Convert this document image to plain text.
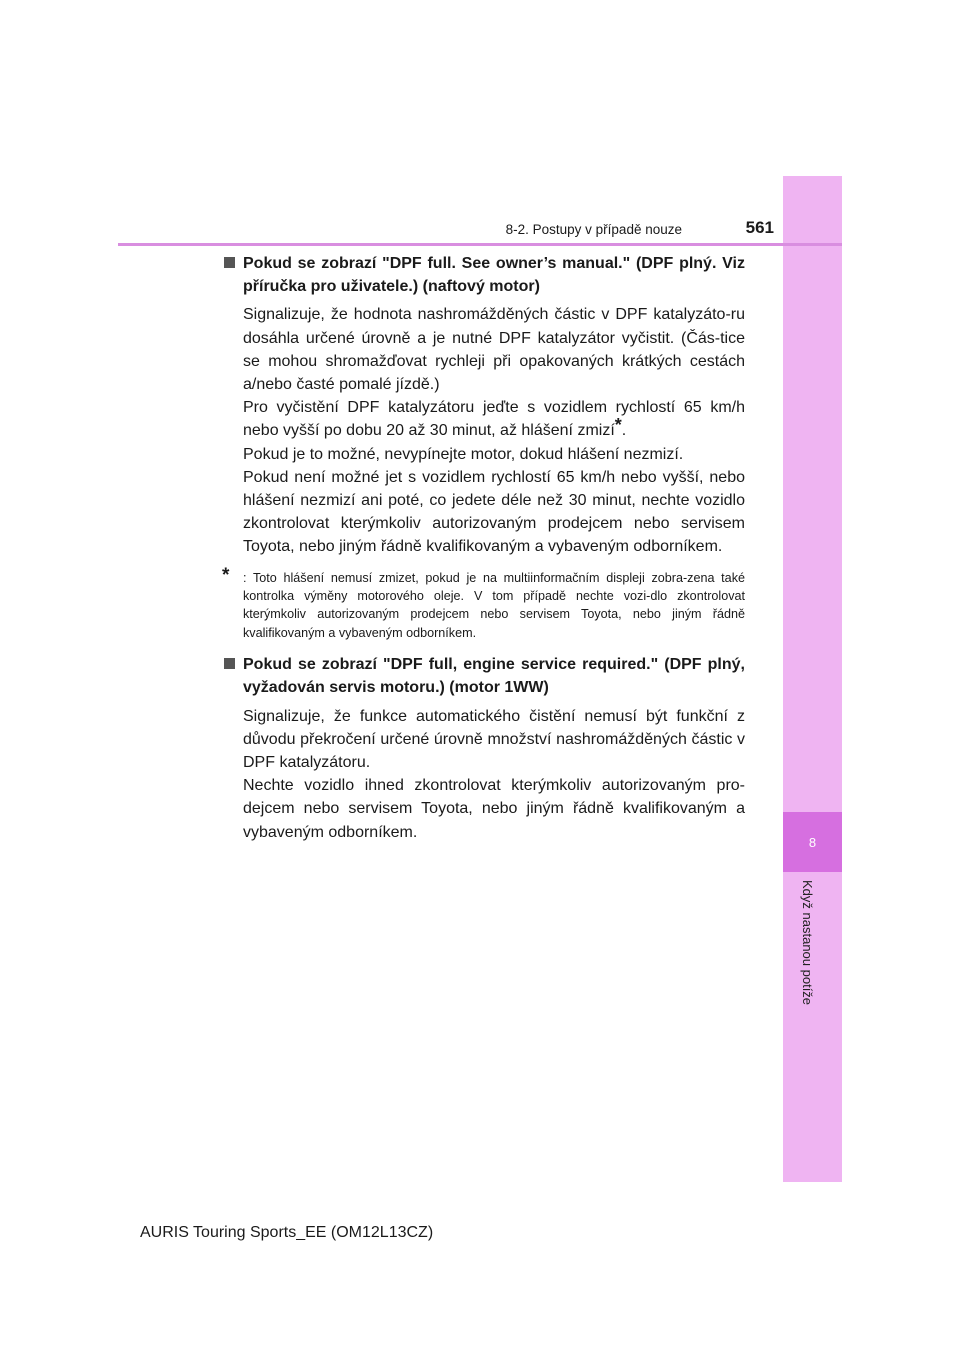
8
Když nastanou potíže
8-2. Postupy v případě nouze	561

Pokud se zobrazí "DPF full. See owner’s manual." (DPF plný. Viz příručka pro uživatele.) (naftový motor)

Signalizuje, že hodnota nashromážděných částic v DPF katalyzáto-ru dosáhla určené úrovně a je nutné DPF katalyzátor vyčistit. (Čás-tice se mohou shromažďovat rychleji při opakovaných krátkých cestách a/nebo časté pomalé jízdě.)

Pro vyčistění DPF katalyzátoru jeďte s vozidlem rychlostí 65 km/h nebo vyšší po dobu 20 až 30 minut, až hlášení zmizí*.

Pokud je to možné, nevypínejte motor, dokud hlášení nezmizí.

Pokud není možné jet s vozidlem rychlostí 65 km/h nebo vyšší, nebo hlášení nezmizí ani poté, co jedete déle než 30 minut, nechte vozidlo zkontrolovat kterýmkoliv autorizovaným prodejcem nebo servisem Toyota, nebo jiným řádně kvalifikovaným a vybaveným odborníkem.

* : Toto hlášení nemusí zmizet, pokud je na multiinformačním displeji zobra-zena také kontrolka výměny motorového oleje. V tom případě nechte vozi-dlo zkontrolovat kterýmkoliv autorizovaným prodejcem nebo servisem Toyota, nebo jiným řádně kvalifikovaným a vybaveným odborníkem.

Pokud se zobrazí "DPF full, engine service required." (DPF plný, vyžadován servis motoru.) (motor 1WW)

Signalizuje, že funkce automatického čistění nemusí být funkční z důvodu překročení určené úrovně množství nashromážděných částic v DPF katalyzátoru.

Nechte vozidlo ihned zkontrolovat kterýmkoliv autorizovaným pro-dejcem nebo servisem Toyota, nebo jiným řádně kvalifikovaným a vybaveným odborníkem.

AURIS Touring Sports_EE (OM12L13CZ)
